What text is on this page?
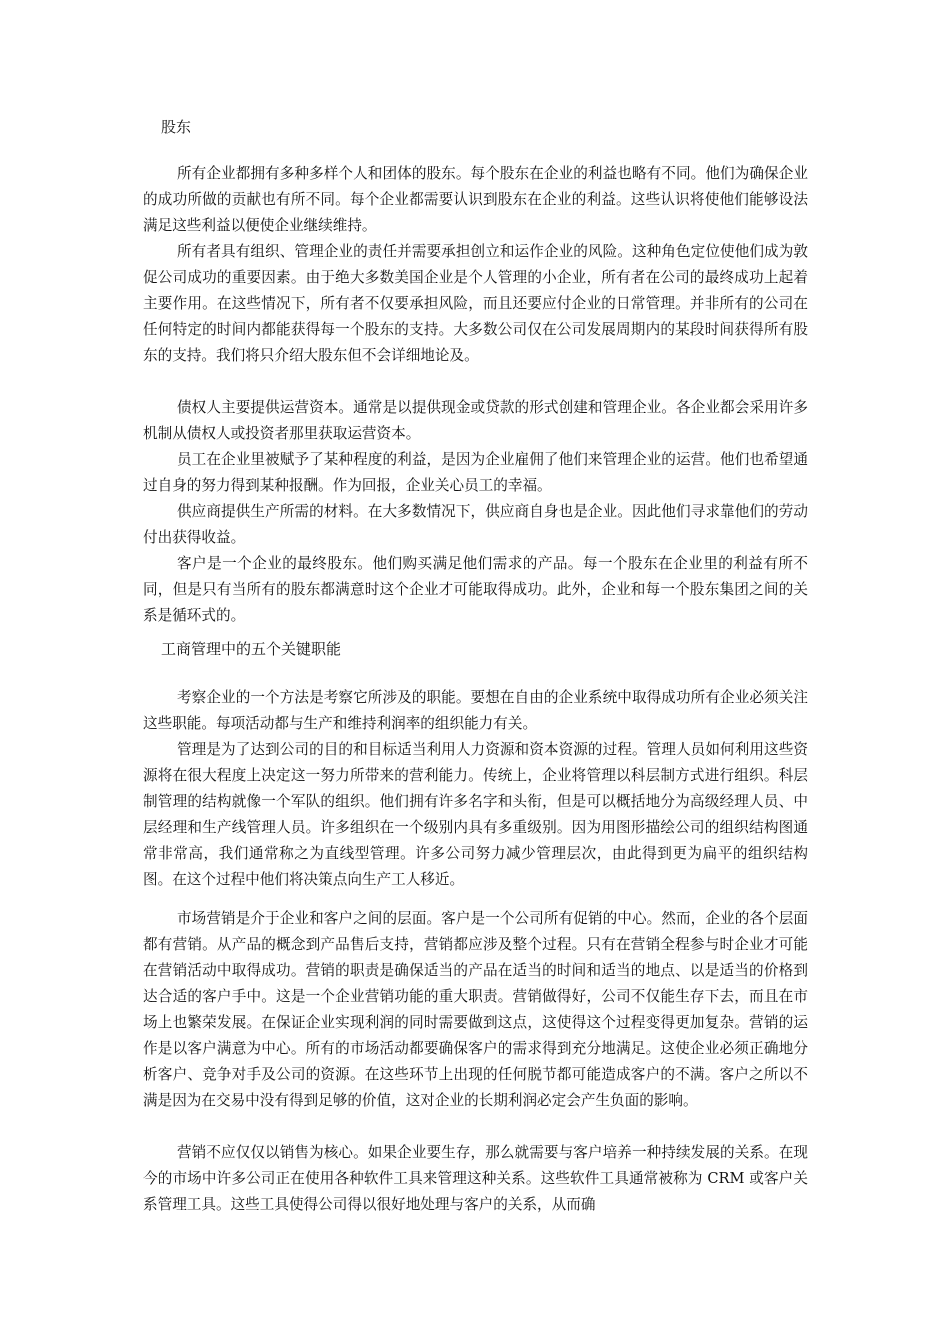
股东

所有企业都拥有多种多样个人和团体的股东。每个股东在企业的利益也略有不同。他们为确保企业的成功所做的贡献也有所不同。每个企业都需要认识到股东在企业的利益。这些认识将使他们能够设法满足这些利益以便使企业继续维持。

所有者具有组织、管理企业的责任并需要承担创立和运作企业的风险。这种角色定位使他们成为敦促公司成功的重要因素。由于绝大多数美国企业是个人管理的小企业，所有者在公司的最终成功上起着主要作用。在这些情况下，所有者不仅要承担风险，而且还要应付企业的日常管理。并非所有的公司在任何特定的时间内都能获得每一个股东的支持。大多数公司仅在公司发展周期内的某段时间获得所有股东的支持。我们将只介绍大股东但不会详细地论及。

债权人主要提供运营资本。通常是以提供现金或贷款的形式创建和管理企业。各企业都会采用许多机制从债权人或投资者那里获取运营资本。

员工在企业里被赋予了某种程度的利益，是因为企业雇佣了他们来管理企业的运营。他们也希望通过自身的努力得到某种报酬。作为回报，企业关心员工的幸福。

供应商提供生产所需的材料。在大多数情况下，供应商自身也是企业。因此他们寻求靠他们的劳动付出获得收益。

客户是一个企业的最终股东。他们购买满足他们需求的产品。每一个股东在企业里的利益有所不同，但是只有当所有的股东都满意时这个企业才可能取得成功。此外，企业和每一个股东集团之间的关系是循环式的。

工商管理中的五个关键职能

考察企业的一个方法是考察它所涉及的职能。要想在自由的企业系统中取得成功所有企业必须关注这些职能。每项活动都与生产和维持利润率的组织能力有关。

管理是为了达到公司的目的和目标适当利用人力资源和资本资源的过程。管理人员如何利用这些资源将在很大程度上决定这一努力所带来的营利能力。传统上，企业将管理以科层制方式进行组织。科层制管理的结构就像一个军队的组织。他们拥有许多名字和头衔，但是可以概括地分为高级经理人员、中层经理和生产线管理人员。许多组织在一个级别内具有多重级别。因为用图形描绘公司的组织结构图通常非常高，我们通常称之为直线型管理。许多公司努力减少管理层次，由此得到更为扁平的组织结构图。在这个过程中他们将决策点向生产工人移近。

市场营销是介于企业和客户之间的层面。客户是一个公司所有促销的中心。然而，企业的各个层面都有营销。从产品的概念到产品售后支持，营销都应涉及整个过程。只有在营销全程参与时企业才可能在营销活动中取得成功。营销的职责是确保适当的产品在适当的时间和适当的地点、以是适当的价格到达合适的客户手中。这是一个企业营销功能的重大职责。营销做得好，公司不仅能生存下去，而且在市场上也繁荣发展。在保证企业实现利润的同时需要做到这点，这使得这个过程变得更加复杂。营销的运作是以客户满意为中心。所有的市场活动都要确保客户的需求得到充分地满足。这使企业必须正确地分析客户、竞争对手及公司的资源。在这些环节上出现的任何脱节都可能造成客户的不满。客户之所以不满是因为在交易中没有得到足够的价值，这对企业的长期利润必定会产生负面的影响。

营销不应仅仅以销售为核心。如果企业要生存，那么就需要与客户培养一种持续发展的关系。在现今的市场中许多公司正在使用各种软件工具来管理这种关系。这些软件工具通常被称为 CRM 或客户关系管理工具。这些工具使得公司得以很好地处理与客户的关系，从而确
